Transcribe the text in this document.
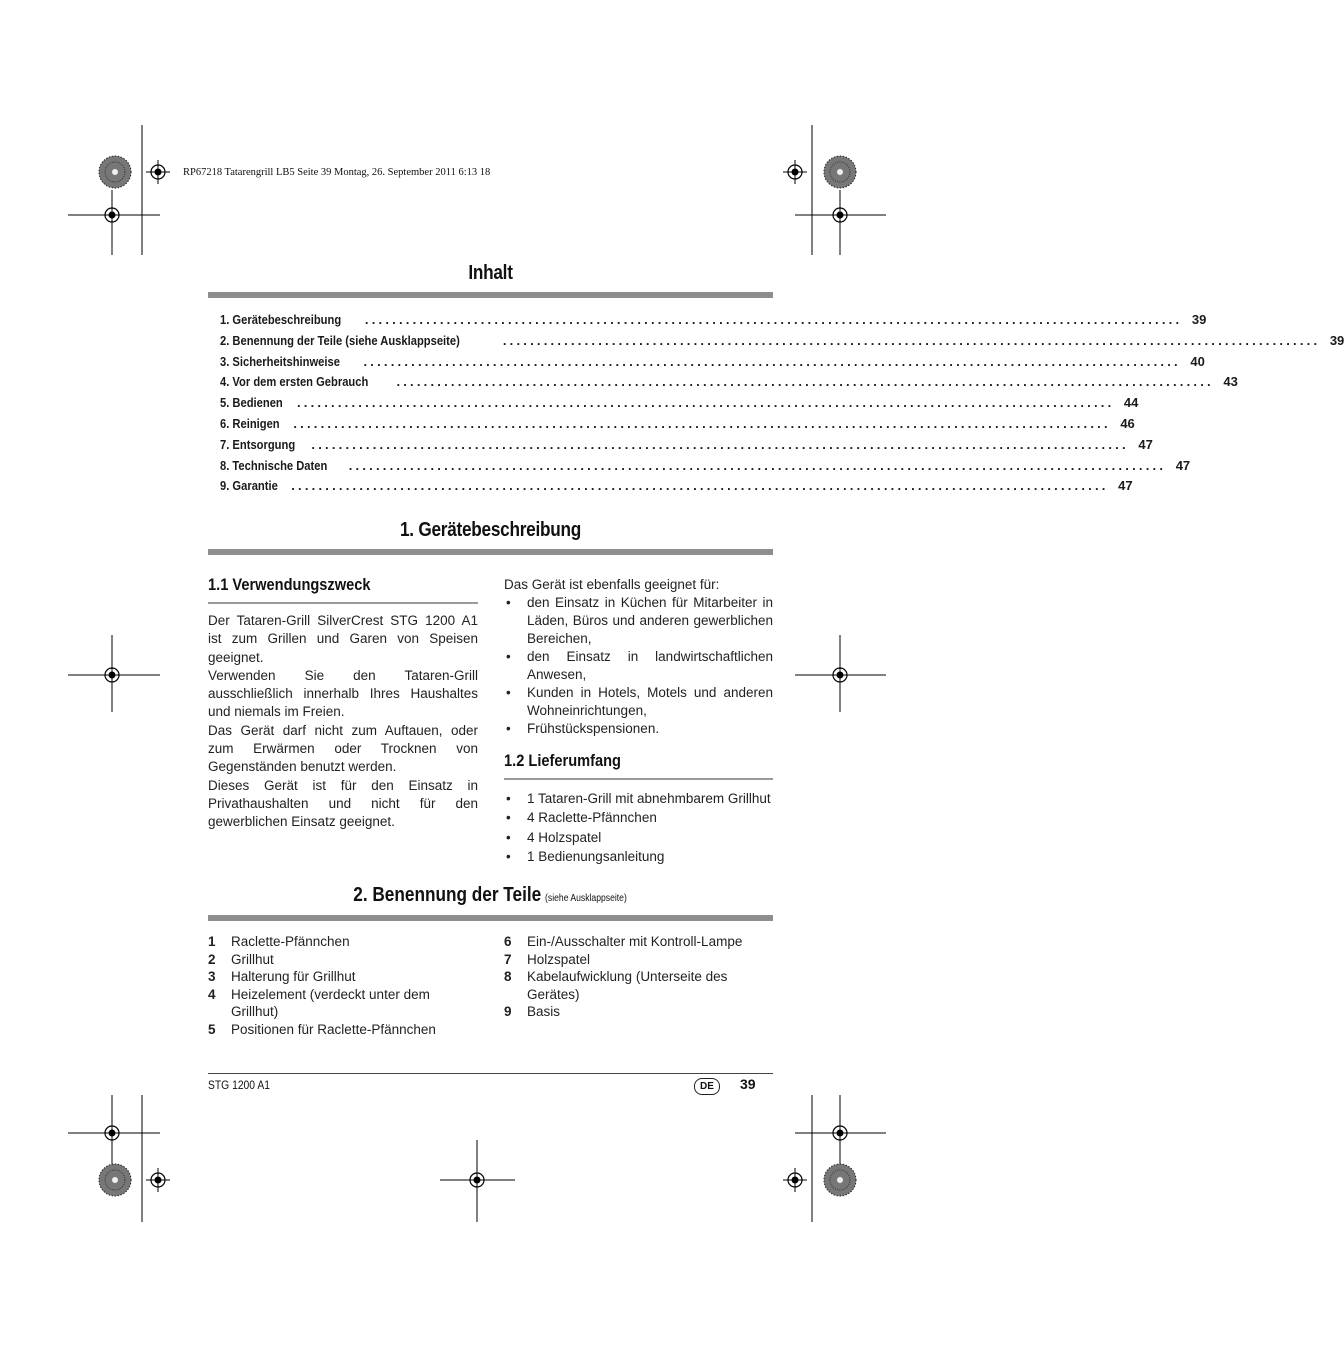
RP67218 Tatarengrill LB5 Seite 39 Montag, 26. September 2011 6:13 18
Inhalt
1. Gerätebeschreibung ........................................................................................................................ 39
2. Benennung der Teile (siehe Ausklappseite)	........................................................................................................................ 39
3. Sicherheitshinweise ........................................................................................................................ 40
4. Vor dem ersten Gebrauch ........................................................................................................................ 43
5. Bedienen ........................................................................................................................ 44
6. Reinigen ........................................................................................................................ 46
7. Entsorgung ........................................................................................................................ 47
8. Technische Daten ........................................................................................................................ 47
9. Garantie ........................................................................................................................ 47
1. Gerätebeschreibung
1.1 Verwendungszweck
Der Tataren-Grill SilverCrest STG 1200 A1 ist zum Grillen und Garen von Speisen geeignet.
Verwenden Sie den Tataren-Grill ausschließlich innerhalb Ihres Haushaltes und niemals im Freien.
Das Gerät darf nicht zum Auftauen, oder zum Erwärmen oder Trocknen von Gegenständen benutzt werden.
Dieses Gerät ist für den Einsatz in Privathaushalten und nicht für den gewerblichen Einsatz geeignet.
Das Gerät ist ebenfalls geeignet für:
• den Einsatz in Küchen für Mitarbeiter in Läden, Büros und anderen gewerblichen Bereichen,
• den Einsatz in landwirtschaftlichen Anwesen,
• Kunden in Hotels, Motels und anderen Wohneinrichtungen,
• Frühstückspensionen.
1.2 Lieferumfang
• 1 Tataren-Grill mit abnehmbarem Grillhut
• 4 Raclette-Pfännchen
• 4 Holzspatel
• 1 Bedienungsanleitung
2. Benennung der Teile (siehe Ausklappseite)
1	Raclette-Pfännchen
2	Grillhut
3	Halterung für Grillhut
4	Heizelement (verdeckt unter dem Grillhut)
5	Positionen für Raclette-Pfännchen
6	Ein-/Ausschalter mit Kontroll-Lampe
7	Holzspatel
8	Kabelaufwicklung (Unterseite des Gerätes)
9	Basis
STG 1200 A1	DE	39
